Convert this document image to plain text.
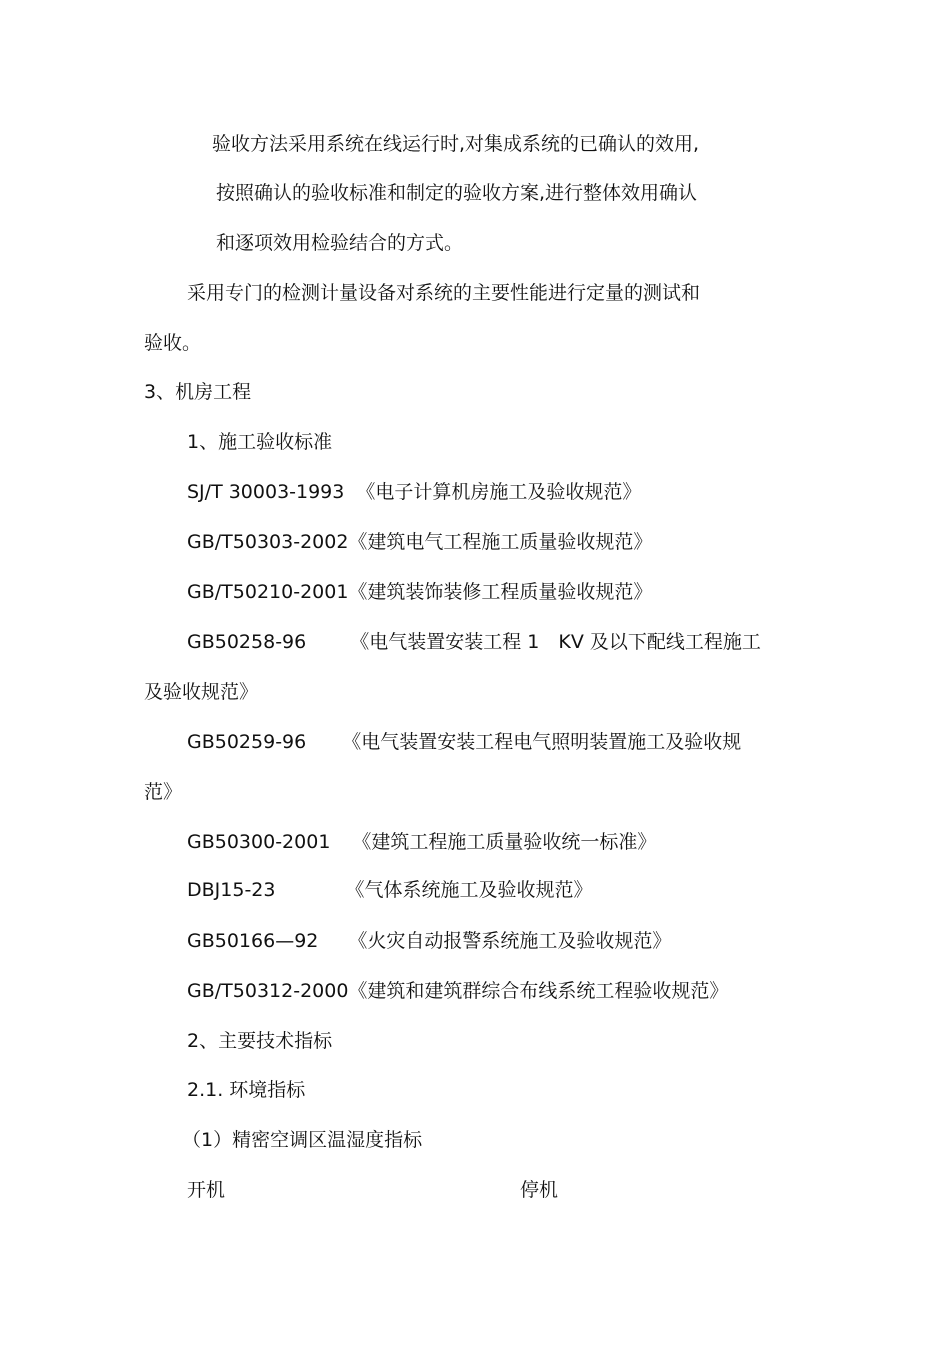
验收方法采用系统在线运行时,对集成系统的已确认的效用,
按照确认的验收标准和制定的验收方案,进行整体效用确认
和逐项效用检验结合的方式。
采用专门的检测计量设备对系统的主要性能进行定量的测试和
验收。
3、机房工程
1、施工验收标准
SJ/T 30003-1993 《电子计算机房施工及验收规范》
GB/T50303-2002《建筑电气工程施工质量验收规范》
GB/T50210-2001《建筑装饰装修工程质量验收规范》
GB50258-96 《电气装置安装工程 1　KV 及以下配线工程施工
及验收规范》
GB50259-96 《电气装置安装工程电气照明装置施工及验收规
范》
GB50300-2001 《建筑工程施工质量验收统一标准》
DBJ15-23	《气体系统施工及验收规范》
GB50166—92 《火灾自动报警系统施工及验收规范》
GB/T50312-2000《建筑和建筑群综合布线系统工程验收规范》
2、主要技术指标
2.1. 环境指标
（1）精密空调区温湿度指标
开机	停机
